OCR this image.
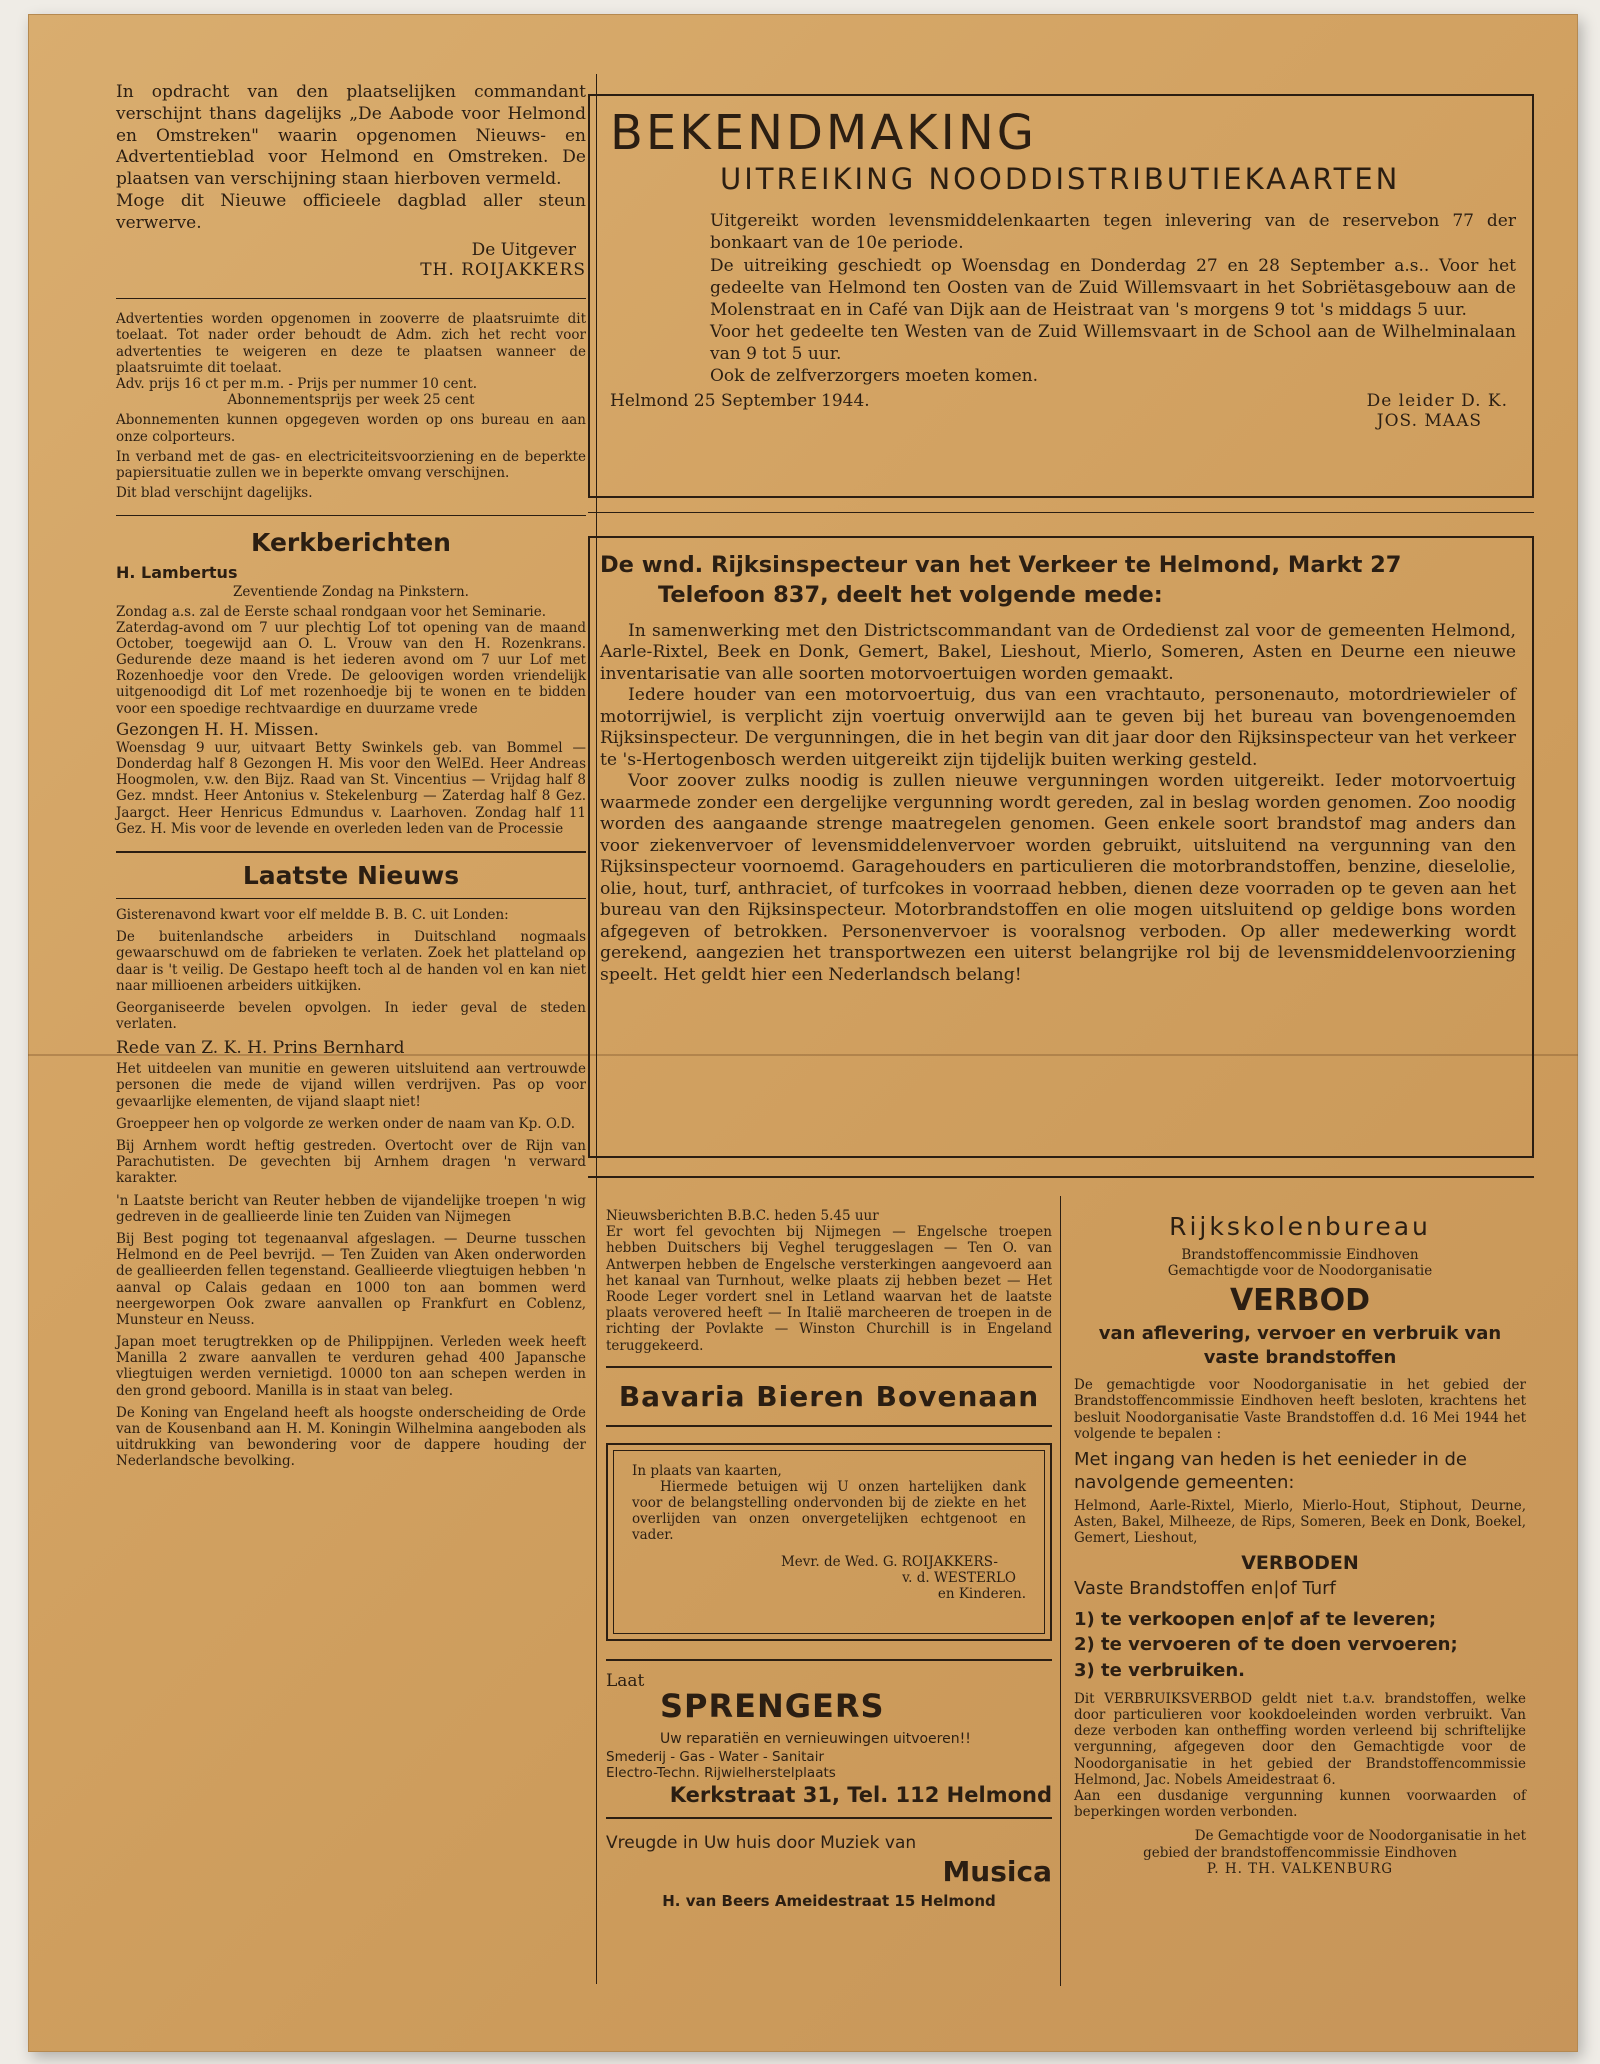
In opdracht van den plaatselijken commandant verschijnt thans dagelijks „De Aabode voor Helmond en Omstreken" waarin opgenomen Nieuws- en Advertentieblad voor Helmond en Omstreken. De plaatsen van verschijning staan hierboven vermeld.

Moge dit Nieuwe officieele dagblad aller steun verwerve.

De Uitgever

TH. ROIJAKKERS

Advertenties worden opgenomen in zooverre de plaatsruimte dit toelaat. Tot nader order behoudt de Adm. zich het recht voor advertenties te weigeren en deze te plaatsen wanneer de plaatsruimte dit toelaat.

Adv. prijs 16 ct per m.m. - Prijs per nummer 10 cent.

Abonnementsprijs per week 25 cent

Abonnementen kunnen opgegeven worden op ons bureau en aan onze colporteurs.

In verband met de gas- en electriciteitsvoorziening en de beperkte papiersituatie zullen we in beperkte omvang verschijnen.

Dit blad verschijnt dagelijks.

Kerkberichten

H. Lambertus

Zeventiende Zondag na Pinkstern.

Zondag a.s. zal de Eerste schaal rondgaan voor het Seminarie.

Zaterdag-avond om 7 uur plechtig Lof tot opening van de maand October, toegewijd aan O. L. Vrouw van den H. Rozenkrans. Gedurende deze maand is het iederen avond om 7 uur Lof met Rozenhoedje voor den Vrede. De geloovigen worden vriendelijk uitgenoodigd dit Lof met rozenhoedje bij te wonen en te bidden voor een spoedige rechtvaardige en duurzame vrede

Gezongen H. H. Missen.

Woensdag 9 uur, uitvaart Betty Swinkels geb. van Bommel — Donderdag half 8 Gezongen H. Mis voor den WelEd. Heer Andreas Hoogmolen, v.w. den Bijz. Raad van St. Vincentius — Vrijdag half 8 Gez. mndst. Heer Antonius v. Stekelenburg — Zaterdag half 8 Gez. Jaargct. Heer Henricus Edmundus v. Laarhoven. Zondag half 11 Gez. H. Mis voor de levende en overleden leden van de Processie

Laatste Nieuws

Gisterenavond kwart voor elf meldde B. B. C. uit Londen:

De buitenlandsche arbeiders in Duitschland nogmaals gewaarschuwd om de fabrieken te verlaten. Zoek het platteland op daar is 't veilig. De Gestapo heeft toch al de handen vol en kan niet naar millioenen arbeiders uitkijken.

Georganiseerde bevelen opvolgen. In ieder geval de steden verlaten.

Rede van Z. K. H. Prins Bernhard

Het uitdeelen van munitie en geweren uitsluitend aan vertrouwde personen die mede de vijand willen verdrijven. Pas op voor gevaarlijke elementen, de vijand slaapt niet!

Groeppeer hen op volgorde ze werken onder de naam van Kp. O.D.

Bij Arnhem wordt heftig gestreden. Overtocht over de Rijn van Parachutisten. De gevechten bij Arnhem dragen 'n verward karakter.

'n Laatste bericht van Reuter hebben de vijandelijke troepen 'n wig gedreven in de geallieerde linie ten Zuiden van Nijmegen

Bij Best poging tot tegenaanval afgeslagen. — Deurne tusschen Helmond en de Peel bevrijd. — Ten Zuiden van Aken onderworden de geallieerden fellen tegenstand. Geallieerde vliegtuigen hebben 'n aanval op Calais gedaan en 1000 ton aan bommen werd neergeworpen Ook zware aanvallen op Frankfurt en Coblenz, Munsteur en Neuss.

Japan moet terugtrekken op de Philippijnen. Verleden week heeft Manilla 2 zware aanvallen te verduren gehad 400 Japansche vliegtuigen werden vernietigd. 10000 ton aan schepen werden in den grond geboord. Manilla is in staat van beleg.

De Koning van Engeland heeft als hoogste onderscheiding de Orde van de Kousenband aan H. M. Koningin Wilhelmina aangeboden als uitdrukking van bewondering voor de dappere houding der Nederlandsche bevolking.

BEKENDMAKING

UITREIKING NOODDISTRIBUTIEKAARTEN

Uitgereikt worden levensmiddelenkaarten tegen inlevering van de reservebon 77 der bonkaart van de 10e periode.

De uitreiking geschiedt op Woensdag en Donderdag 27 en 28 September a.s.. Voor het gedeelte van Helmond ten Oosten van de Zuid Willemsvaart in het Sobriëtasgebouw aan de Molenstraat en in Café van Dijk aan de Heistraat van 's morgens 9 tot 's middags 5 uur.

Voor het gedeelte ten Westen van de Zuid Willemsvaart in de School aan de Wilhelminalaan van 9 tot 5 uur.

Ook de zelfverzorgers moeten komen.

Helmond 25 September 1944.	De leider D. K.

JOS. MAAS

De wnd. Rijksinspecteur van het Verkeer te Helmond, Markt 27

Telefoon 837, deelt het volgende mede:

In samenwerking met den Districtscommandant van de Ordedienst zal voor de gemeenten Helmond, Aarle-Rixtel, Beek en Donk, Gemert, Bakel, Lieshout, Mierlo, Someren, Asten en Deurne een nieuwe inventarisatie van alle soorten motorvoertuigen worden gemaakt.

Iedere houder van een motorvoertuig, dus van een vrachtauto, personenauto, motordriewieler of motorrijwiel, is verplicht zijn voertuig onverwijld aan te geven bij het bureau van bovengenoemden Rijksinspecteur. De vergunningen, die in het begin van dit jaar door den Rijksinspecteur van het verkeer te 's-Hertogenbosch werden uitgereikt zijn tijdelijk buiten werking gesteld.

Voor zoover zulks noodig is zullen nieuwe vergunningen worden uitgereikt. Ieder motorvoertuig waarmede zonder een dergelijke vergunning wordt gereden, zal in beslag worden genomen. Zoo noodig worden des aangaande strenge maatregelen genomen. Geen enkele soort brandstof mag anders dan voor ziekenvervoer of levensmiddelenvervoer worden gebruikt, uitsluitend na vergunning van den Rijksinspecteur voornoemd. Garagehouders en particulieren die motorbrandstoffen, benzine, dieselolie, olie, hout, turf, anthraciet, of turfcokes in voorraad hebben, dienen deze voorraden op te geven aan het bureau van den Rijksinspecteur. Motorbrandstoffen en olie mogen uitsluitend op geldige bons worden afgegeven of betrokken. Personenvervoer is vooralsnog verboden. Op aller medewerking wordt gerekend, aangezien het transportwezen een uiterst belangrijke rol bij de levensmiddelenvoorziening speelt. Het geldt hier een Nederlandsch belang!

Nieuwsberichten B.B.C. heden 5.45 uur

Er wort fel gevochten bij Nijmegen — Engelsche troepen hebben Duitschers bij Veghel teruggeslagen — Ten O. van Antwerpen hebben de Engelsche versterkingen aangevoerd aan het kanaal van Turnhout, welke plaats zij hebben bezet — Het Roode Leger vordert snel in Letland waarvan het de laatste plaats verovered heeft — In Italië marcheeren de troepen in de richting der Povlakte — Winston Churchill is in Engeland teruggekeerd.

Bavaria Bieren Bovenaan

In plaats van kaarten,

Hiermede betuigen wij U onzen hartelijken dank voor de belangstelling ondervonden bij de ziekte en het overlijden van onzen onvergetelijken echtgenoot en vader.

Mevr. de Wed. G. ROIJAKKERS-

v. d. WESTERLO

en Kinderen.

Laat

SPRENGERS

Uw reparatiën en vernieuwingen uitvoeren!!

Smederij - Gas - Water - Sanitair

Electro-Techn. Rijwielherstelplaats

Kerkstraat 31, Tel. 112 Helmond

Vreugde in Uw huis door Muziek van

Musica

H. van Beers Ameidestraat 15 Helmond

Rijkskolenbureau

Brandstoffencommissie Eindhoven

Gemachtigde voor de Noodorganisatie

VERBOD

van aflevering, vervoer en verbruik van vaste brandstoffen

De gemachtigde voor Noodorganisatie in het gebied der Brandstoffencommissie Eindhoven heeft besloten, krachtens het besluit Noodorganisatie Vaste Brandstoffen d.d. 16 Mei 1944 het volgende te bepalen :

Met ingang van heden is het eenieder in de navolgende gemeenten:

Helmond, Aarle-Rixtel, Mierlo, Mierlo-Hout, Stiphout, Deurne, Asten, Bakel, Milheeze, de Rips, Someren, Beek en Donk, Boekel, Gemert, Lieshout,

VERBODEN

Vaste Brandstoffen en|of Turf

1) te verkoopen en|of af te leveren;

2) te vervoeren of te doen vervoeren;

3) te verbruiken.

Dit VERBRUIKSVERBOD geldt niet t.a.v. brandstoffen, welke door particulieren voor kookdoeleinden worden verbruikt. Van deze verboden kan ontheffing worden verleend bij schriftelijke vergunning, afgegeven door den Gemachtigde voor de Noodorganisatie in het gebied der Brandstoffencommissie Helmond, Jac. Nobels Ameidestraat 6.

Aan een dusdanige vergunning kunnen voorwaarden of beperkingen worden verbonden.

De Gemachtigde voor de Noodorganisatie in het

gebied der brandstoffencommissie Eindhoven

P. H. TH. VALKENBURG
